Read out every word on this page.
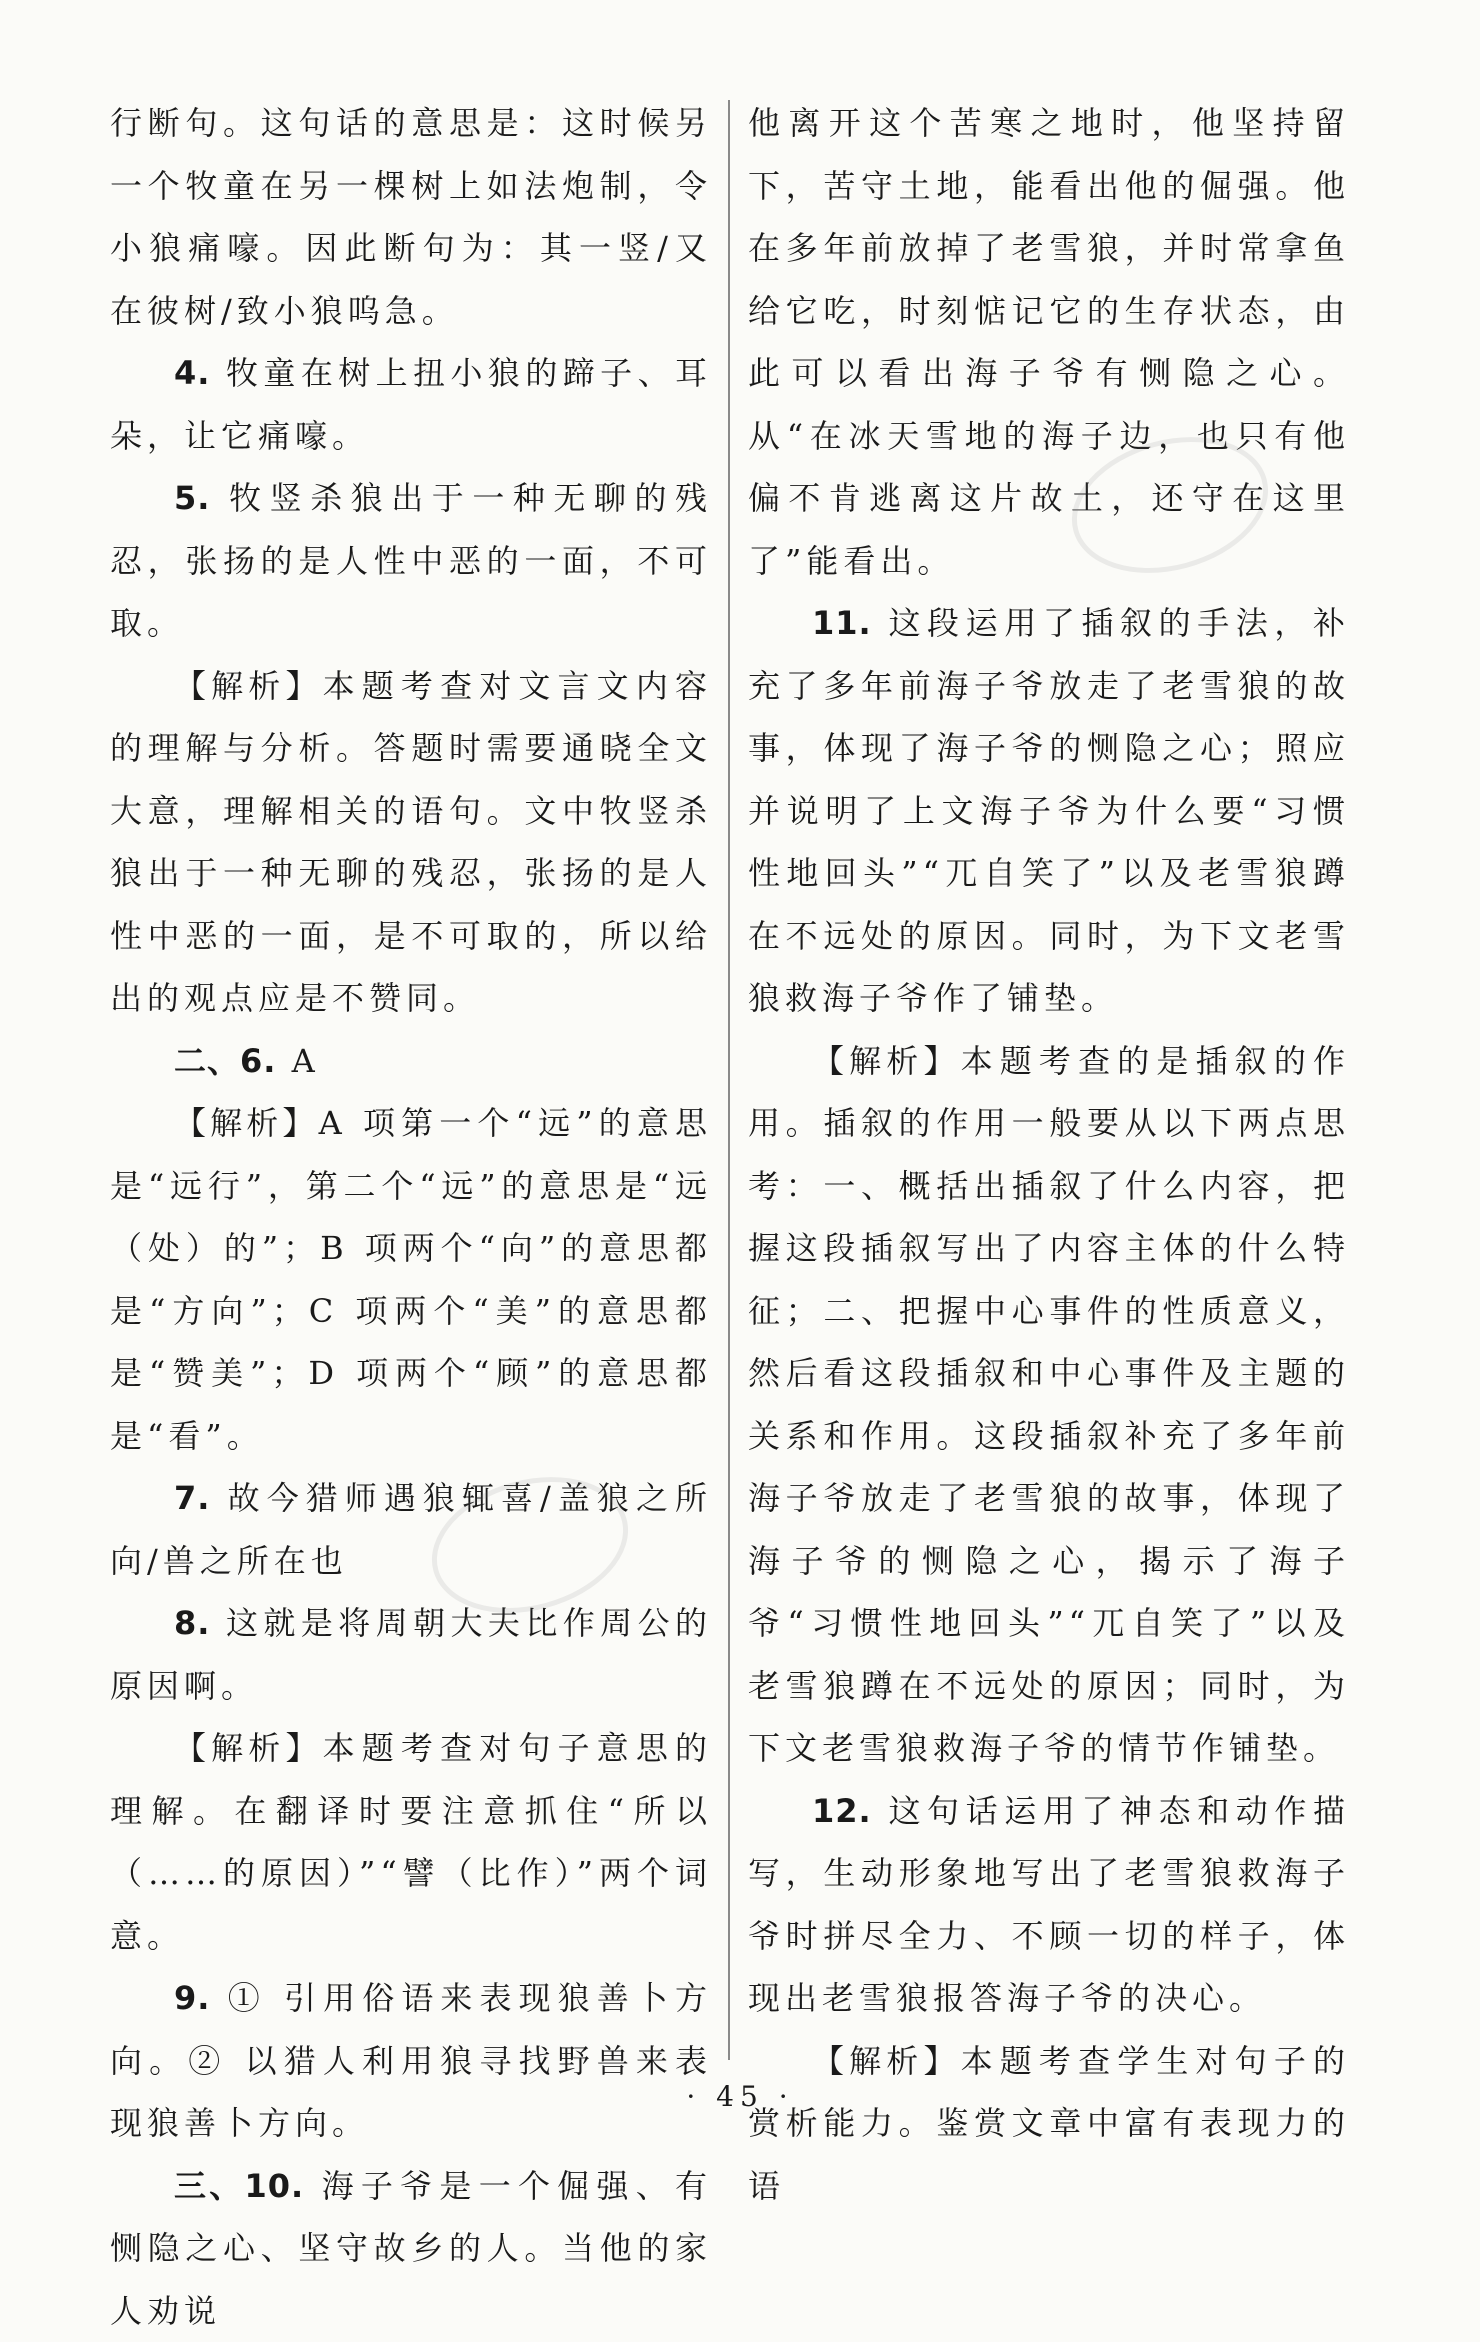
行断句。这句话的意思是：这时候另一个牧童在另一棵树上如法炮制，令小狼痛嚎。因此断句为：其一竖/又在彼树/致小狼呜急。

4. 牧童在树上扭小狼的蹄子、耳朵，让它痛嚎。

5. 牧竖杀狼出于一种无聊的残忍，张扬的是人性中恶的一面，不可取。

【解析】本题考查对文言文内容的理解与分析。答题时需要通晓全文大意，理解相关的语句。文中牧竖杀狼出于一种无聊的残忍，张扬的是人性中恶的一面，是不可取的，所以给出的观点应是不赞同。

二、6. A

【解析】A 项第一个“远”的意思是“远行”，第二个“远”的意思是“远（处）的”；B 项两个“向”的意思都是“方向”；C 项两个“美”的意思都是“赞美”；D 项两个“顾”的意思都是“看”。

7. 故今猎师遇狼辄喜/盖狼之所向/兽之所在也

8. 这就是将周朝大夫比作周公的原因啊。

【解析】本题考查对句子意思的理解。在翻译时要注意抓住“所以（……的原因）”“譬（比作）”两个词意。

9. ① 引用俗语来表现狼善卜方向。② 以猎人利用狼寻找野兽来表现狼善卜方向。

三、10. 海子爷是一个倔强、有恻隐之心、坚守故乡的人。当他的家人劝说

他离开这个苦寒之地时，他坚持留下，苦守土地，能看出他的倔强。他在多年前放掉了老雪狼，并时常拿鱼给它吃，时刻惦记它的生存状态，由此可以看出海子爷有恻隐之心。从“在冰天雪地的海子边，也只有他偏不肯逃离这片故土，还守在这里了”能看出。

11. 这段运用了插叙的手法，补充了多年前海子爷放走了老雪狼的故事，体现了海子爷的恻隐之心；照应并说明了上文海子爷为什么要“习惯性地回头”“兀自笑了”以及老雪狼蹲在不远处的原因。同时，为下文老雪狼救海子爷作了铺垫。

【解析】本题考查的是插叙的作用。插叙的作用一般要从以下两点思考：一、概括出插叙了什么内容，把握这段插叙写出了内容主体的什么特征；二、把握中心事件的性质意义，然后看这段插叙和中心事件及主题的关系和作用。这段插叙补充了多年前海子爷放走了老雪狼的故事，体现了海子爷的恻隐之心，揭示了海子爷“习惯性地回头”“兀自笑了”以及老雪狼蹲在不远处的原因；同时，为下文老雪狼救海子爷的情节作铺垫。

12. 这句话运用了神态和动作描写，生动形象地写出了老雪狼救海子爷时拼尽全力、不顾一切的样子，体现出老雪狼报答海子爷的决心。

【解析】本题考查学生对句子的赏析能力。鉴赏文章中富有表现力的语

· 45 ·
